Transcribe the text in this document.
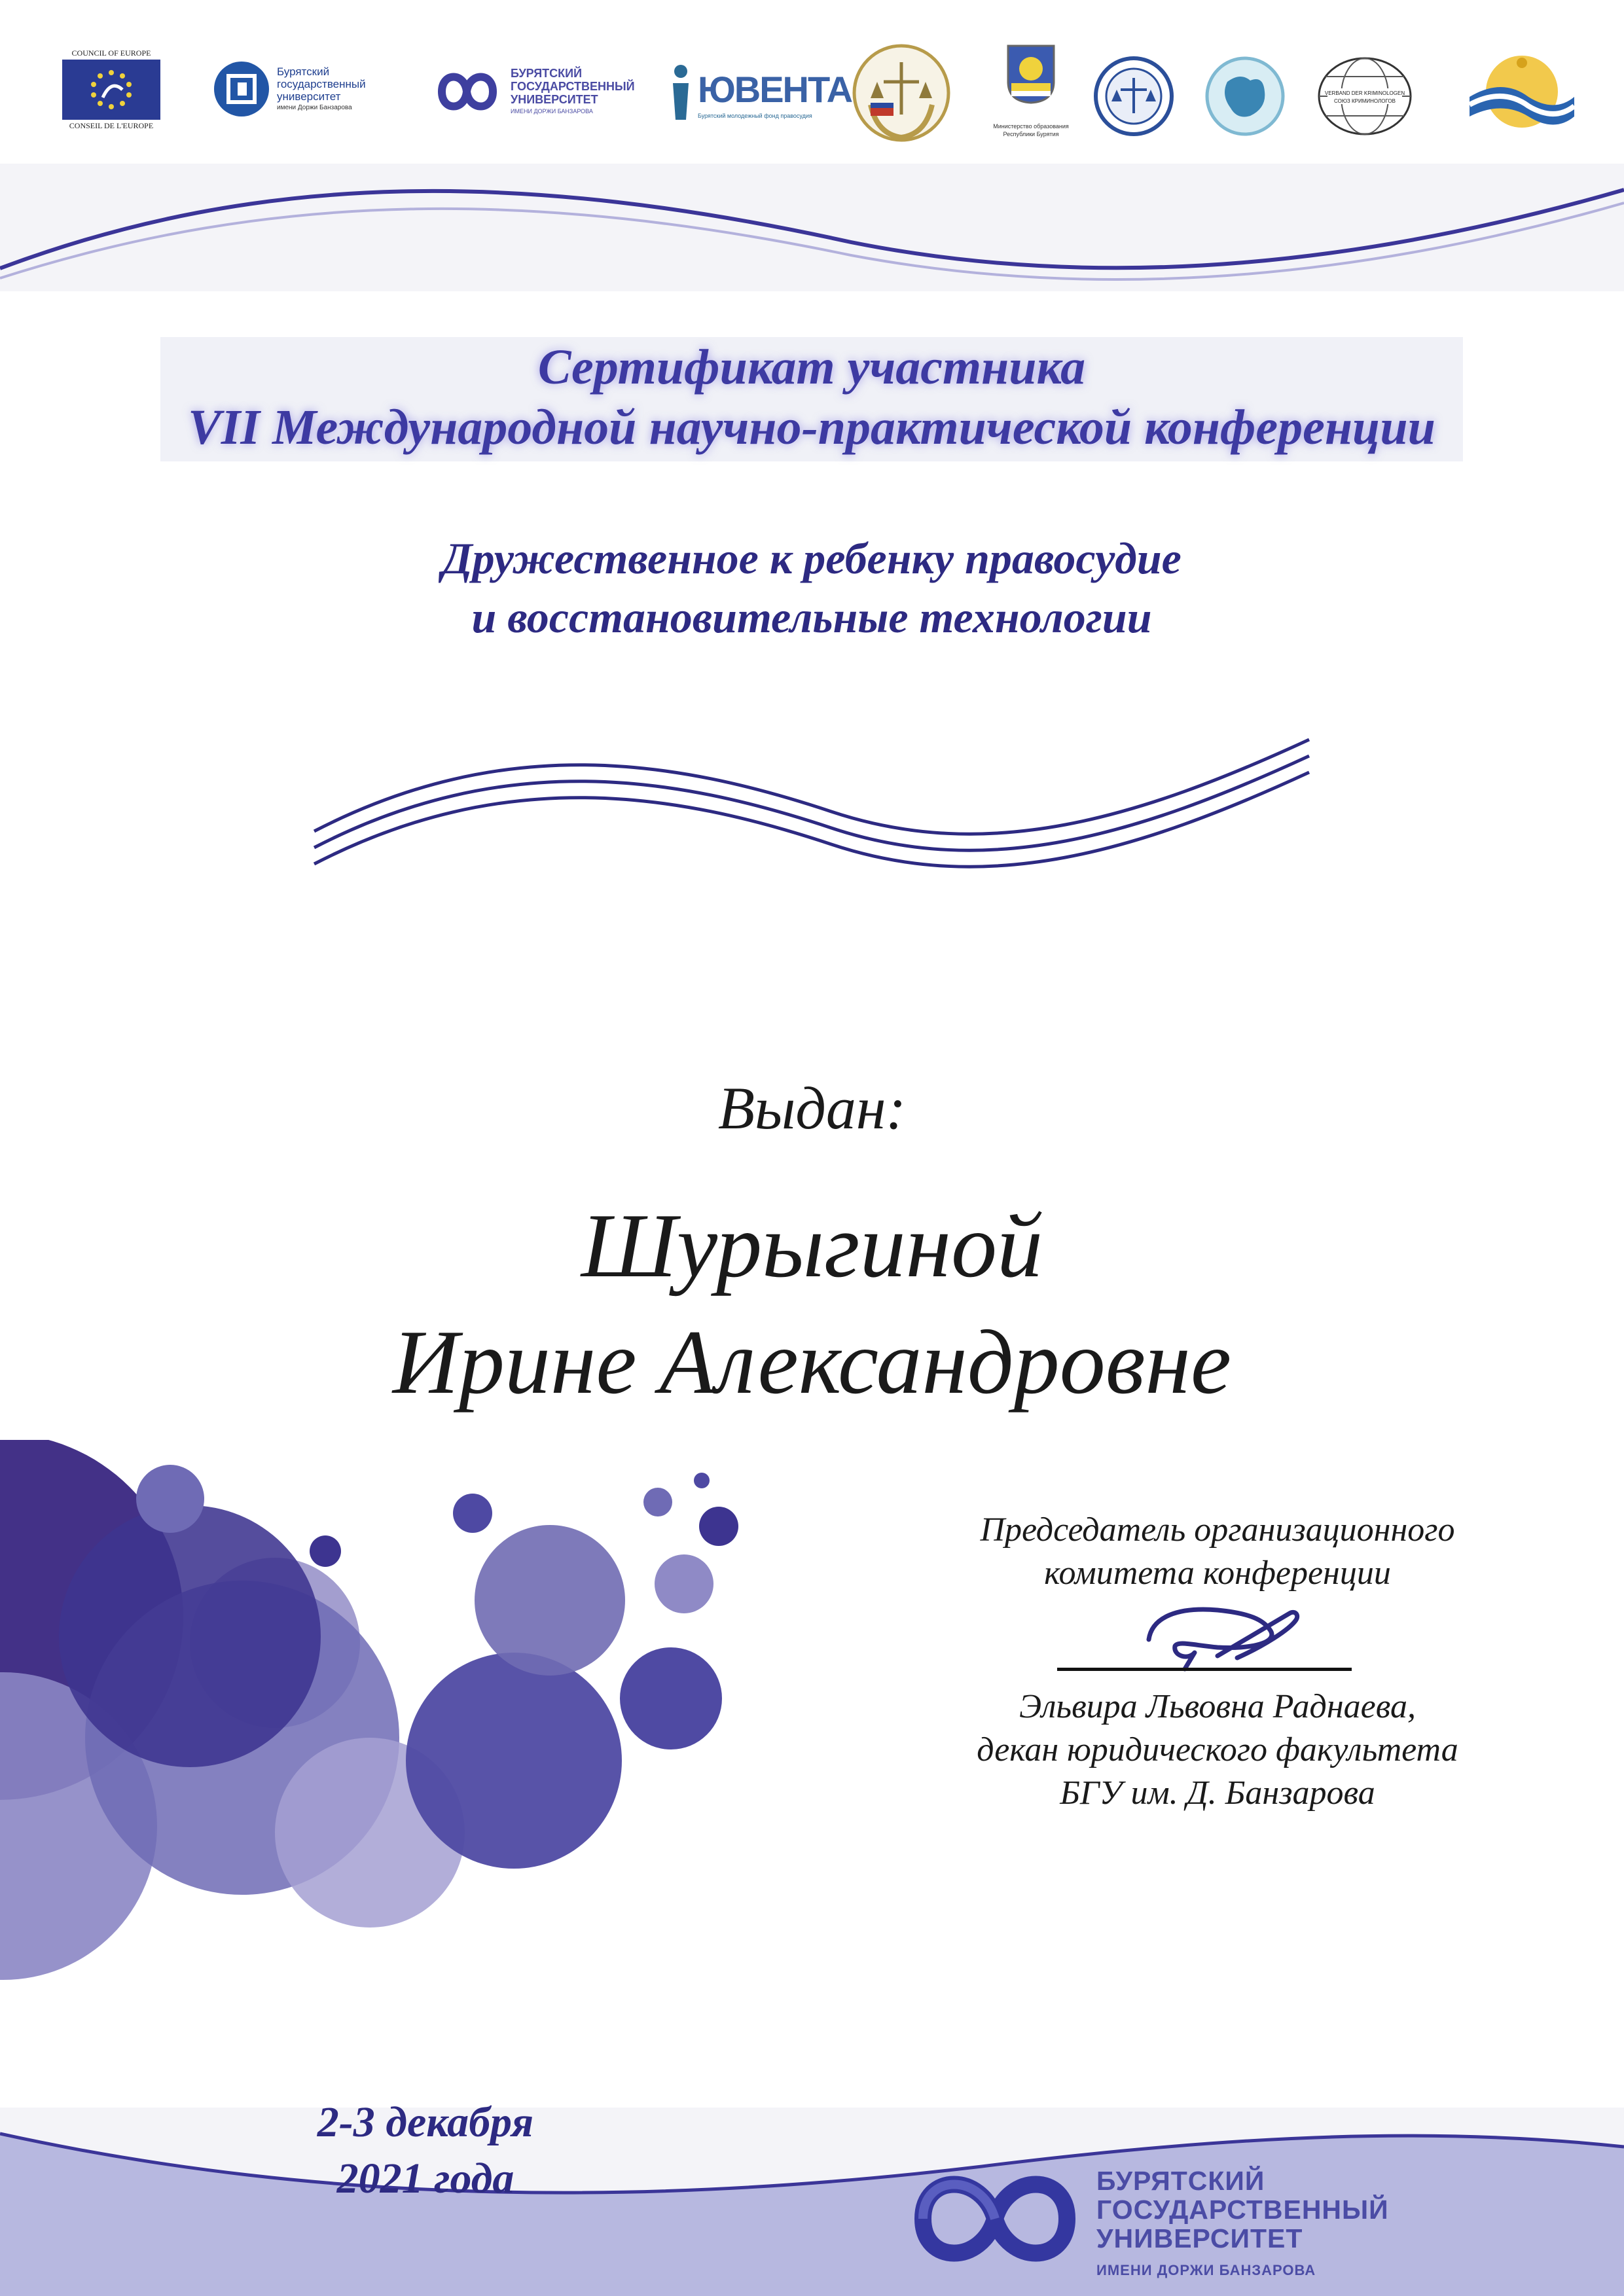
COUNCIL OF EUROPE
CONSEIL DE L'EUROPE
Бурятский
государственный
университет
имени Доржи Банзарова
БУРЯТСКИЙ
ГОСУДАРСТВЕННЫЙ
УНИВЕРСИТЕТ
ИМЕНИ ДОРЖИ БАНЗАРОВА
ЮВЕНТА
Бурятский молодежный фонд правосудия
Министерство образования
Республики Бурятия
VERBAND DER KRIMINOLOGEN
СОЮЗ КРИМИНОЛОГОВ
Сертификат участника
VII Международной научно-практической конференции
Дружественное к ребенку правосудие
и восстановительные технологии
Выдан:
Шурыгиной
Ирине Александровне
Председатель организационного
комитета конференции
Эльвира Львовна Раднаева,
декан юридического факультета
БГУ им. Д. Банзарова
2-3 декабря
2021 года	БУРЯТСКИЙ
ГОСУДАРСТВЕННЫЙ
УНИВЕРСИТЕТ
ИМЕНИ ДОРЖИ БАНЗАРОВА
